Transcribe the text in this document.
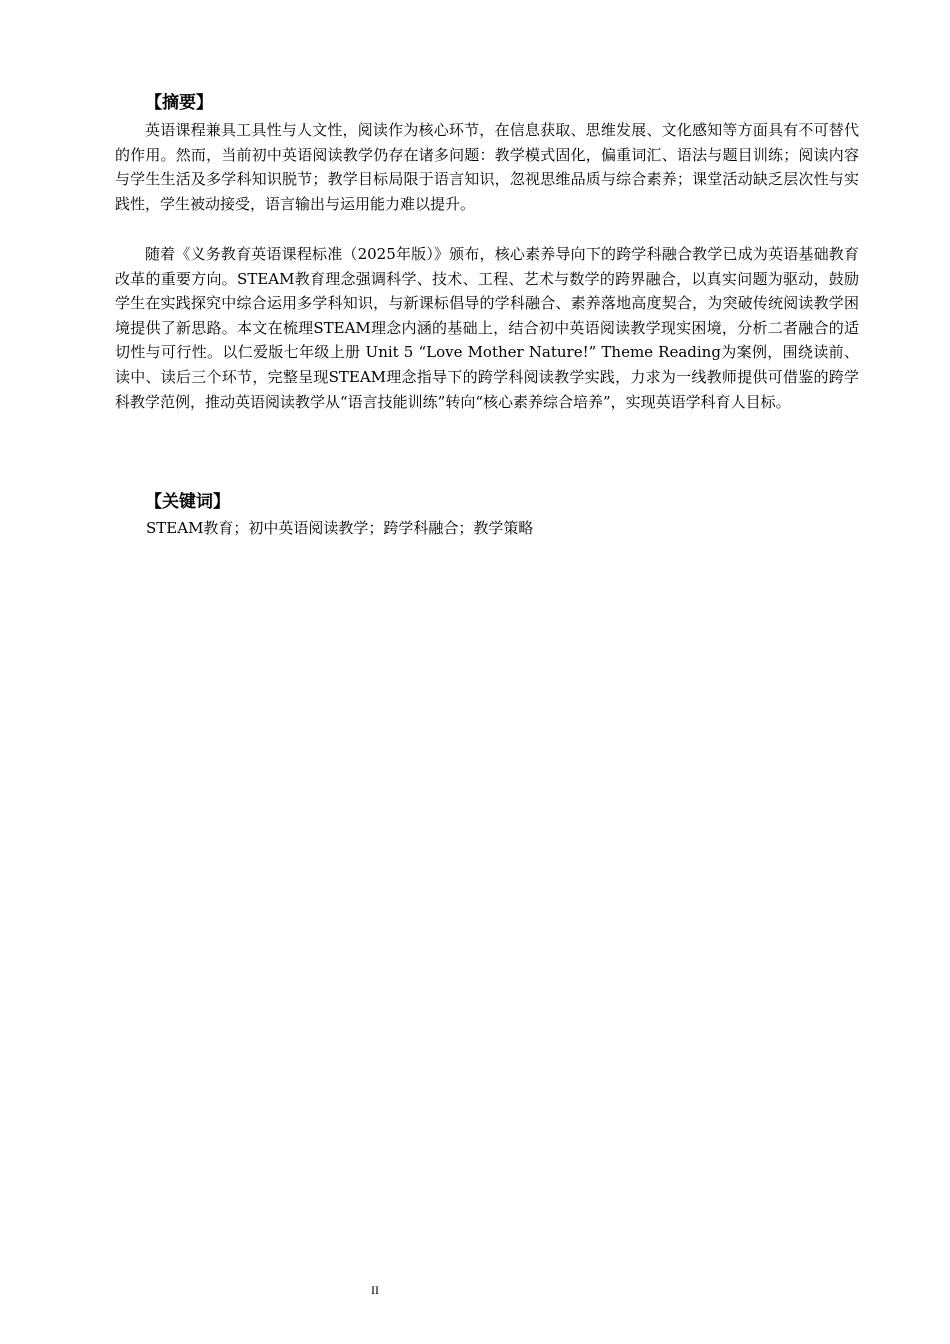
【摘要】

英语课程兼具工具性与人文性，阅读作为核心环节，在信息获取、思维发展、文化感知等方面具有不可替代的作用。然而，当前初中英语阅读教学仍存在诸多问题：教学模式固化，偏重词汇、语法与题目训练；阅读内容与学生生活及多学科知识脱节；教学目标局限于语言知识，忽视思维品质与综合素养；课堂活动缺乏层次性与实践性，学生被动接受，语言输出与运用能力难以提升。

随着《义务教育英语课程标准（2025年版）》颁布，核心素养导向下的跨学科融合教学已成为英语基础教育改革的重要方向。STEAM教育理念强调科学、技术、工程、艺术与数学的跨界融合，以真实问题为驱动，鼓励学生在实践探究中综合运用多学科知识，与新课标倡导的学科融合、素养落地高度契合，为突破传统阅读教学困境提供了新思路。本文在梳理STEAM理念内涵的基础上，结合初中英语阅读教学现实困境，分析二者融合的适切性与可行性。以仁爱版七年级上册 Unit 5 “Love Mother Nature!” Theme Reading为案例，围绕读前、读中、读后三个环节，完整呈现STEAM理念指导下的跨学科阅读教学实践，力求为一线教师提供可借鉴的跨学科教学范例，推动英语阅读教学从“语言技能训练”转向“核心素养综合培养”，实现英语学科育人目标。

【关键词】
STEAM教育；初中英语阅读教学；跨学科融合；教学策略
II
